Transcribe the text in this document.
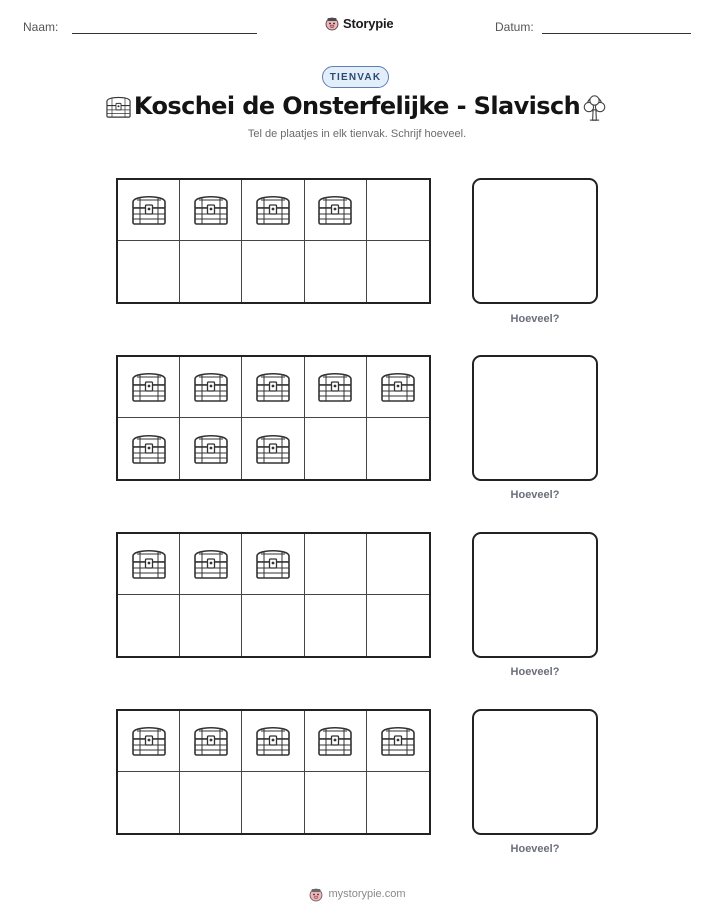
Naam:	Storypie	Datum:
TIENVAK
Koschei de Onsterfelijke - Slavisch
Tel de plaatjes in elk tienvak. Schrijf hoeveel.
Hoeveel?
Hoeveel?
Hoeveel?
Hoeveel?
mystorypie.com
